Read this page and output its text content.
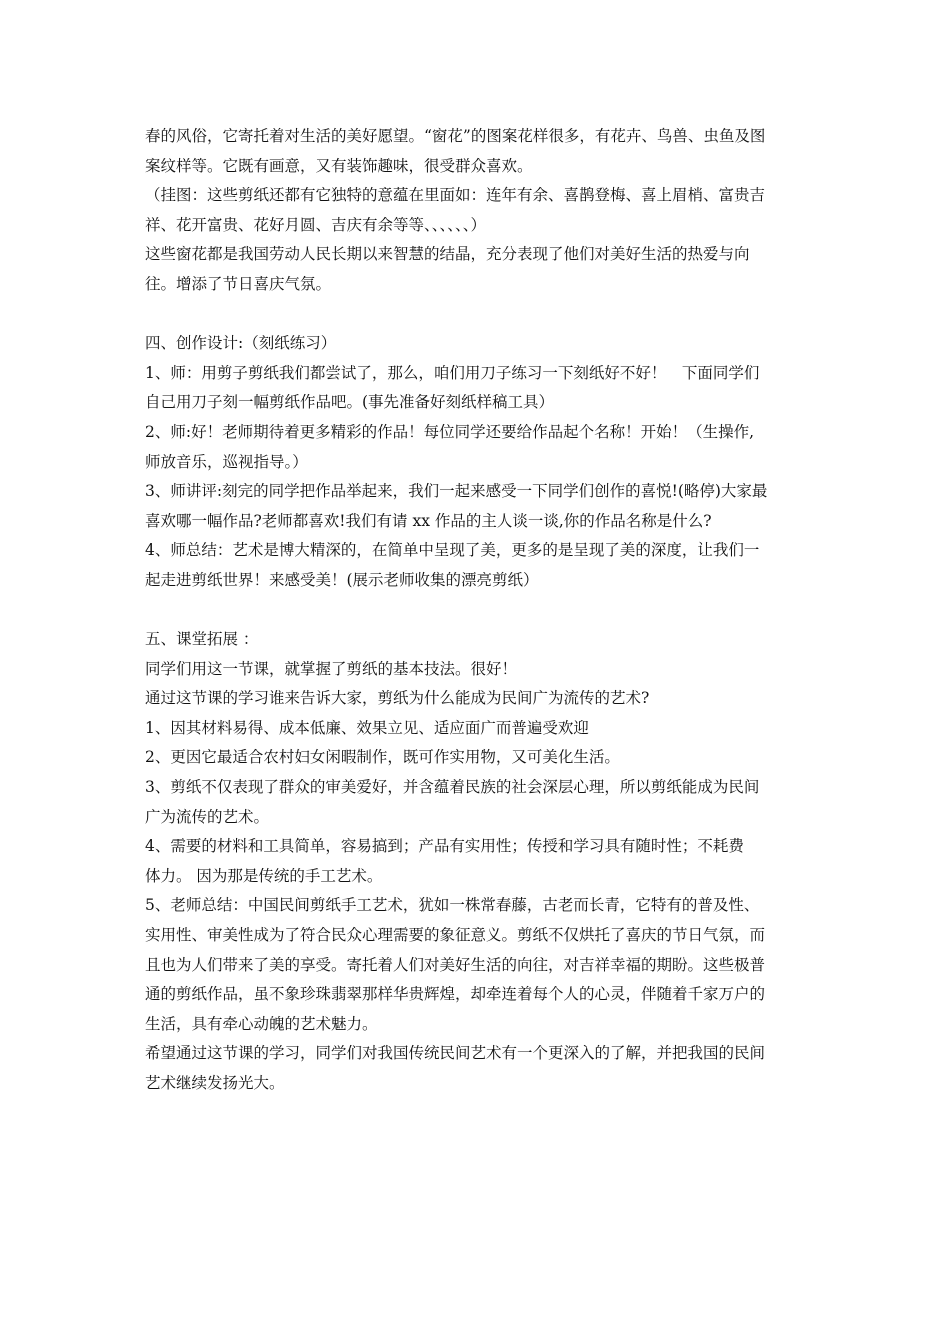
春的风俗，它寄托着对生活的美好愿望。“窗花”的图案花样很多，有花卉、鸟兽、虫鱼及图
案纹样等。它既有画意，又有装饰趣味，很受群众喜欢。
（挂图：这些剪纸还都有它独特的意蕴在里面如：连年有余、喜鹊登梅、喜上眉梢、富贵吉
祥、花开富贵、花好月圆、吉庆有余等等、、、、、、）
这些窗花都是我国劳动人民长期以来智慧的结晶，充分表现了他们对美好生活的热爱与向
往。增添了节日喜庆气氛。
四、创作设计:（刻纸练习）
1、师：用剪子剪纸我们都尝试了，那么，咱们用刀子练习一下刻纸好不好！　下面同学们
自己用刀子刻一幅剪纸作品吧。(事先准备好刻纸样稿工具）
2、师:好！老师期待着更多精彩的作品！每位同学还要给作品起个名称！开始！（生操作,
师放音乐，巡视指导。）
3、师讲评:刻完的同学把作品举起来，我们一起来感受一下同学们创作的喜悦!(略停)大家最
喜欢哪一幅作品?老师都喜欢!我们有请 xx 作品的主人谈一谈,你的作品名称是什么?
4、师总结：艺术是博大精深的，在简单中呈现了美，更多的是呈现了美的深度，让我们一
起走进剪纸世界！来感受美！(展示老师收集的漂亮剪纸）
五、课堂拓展 ：
同学们用这一节课，就掌握了剪纸的基本技法。很好！
通过这节课的学习谁来告诉大家，剪纸为什么能成为民间广为流传的艺术?
1、因其材料易得、成本低廉、效果立见、适应面广而普遍受欢迎
2、更因它最适合农村妇女闲暇制作，既可作实用物，又可美化生活。
3、剪纸不仅表现了群众的审美爱好，并含蕴着民族的社会深层心理，所以剪纸能成为民间
广为流传的艺术。
4、需要的材料和工具简单，容易搞到；产品有实用性；传授和学习具有随时性；不耗费
体力。 因为那是传统的手工艺术。
5、老师总结：中国民间剪纸手工艺术，犹如一株常春藤，古老而长青，它特有的普及性、
实用性、审美性成为了符合民众心理需要的象征意义。剪纸不仅烘托了喜庆的节日气氛，而
且也为人们带来了美的享受。寄托着人们对美好生活的向往，对吉祥幸福的期盼。这些极普
通的剪纸作品，虽不象珍珠翡翠那样华贵辉煌，却牵连着每个人的心灵，伴随着千家万户的
生活，具有牵心动魄的艺术魅力。
希望通过这节课的学习，同学们对我国传统民间艺术有一个更深入的了解，并把我国的民间
艺术继续发扬光大。
